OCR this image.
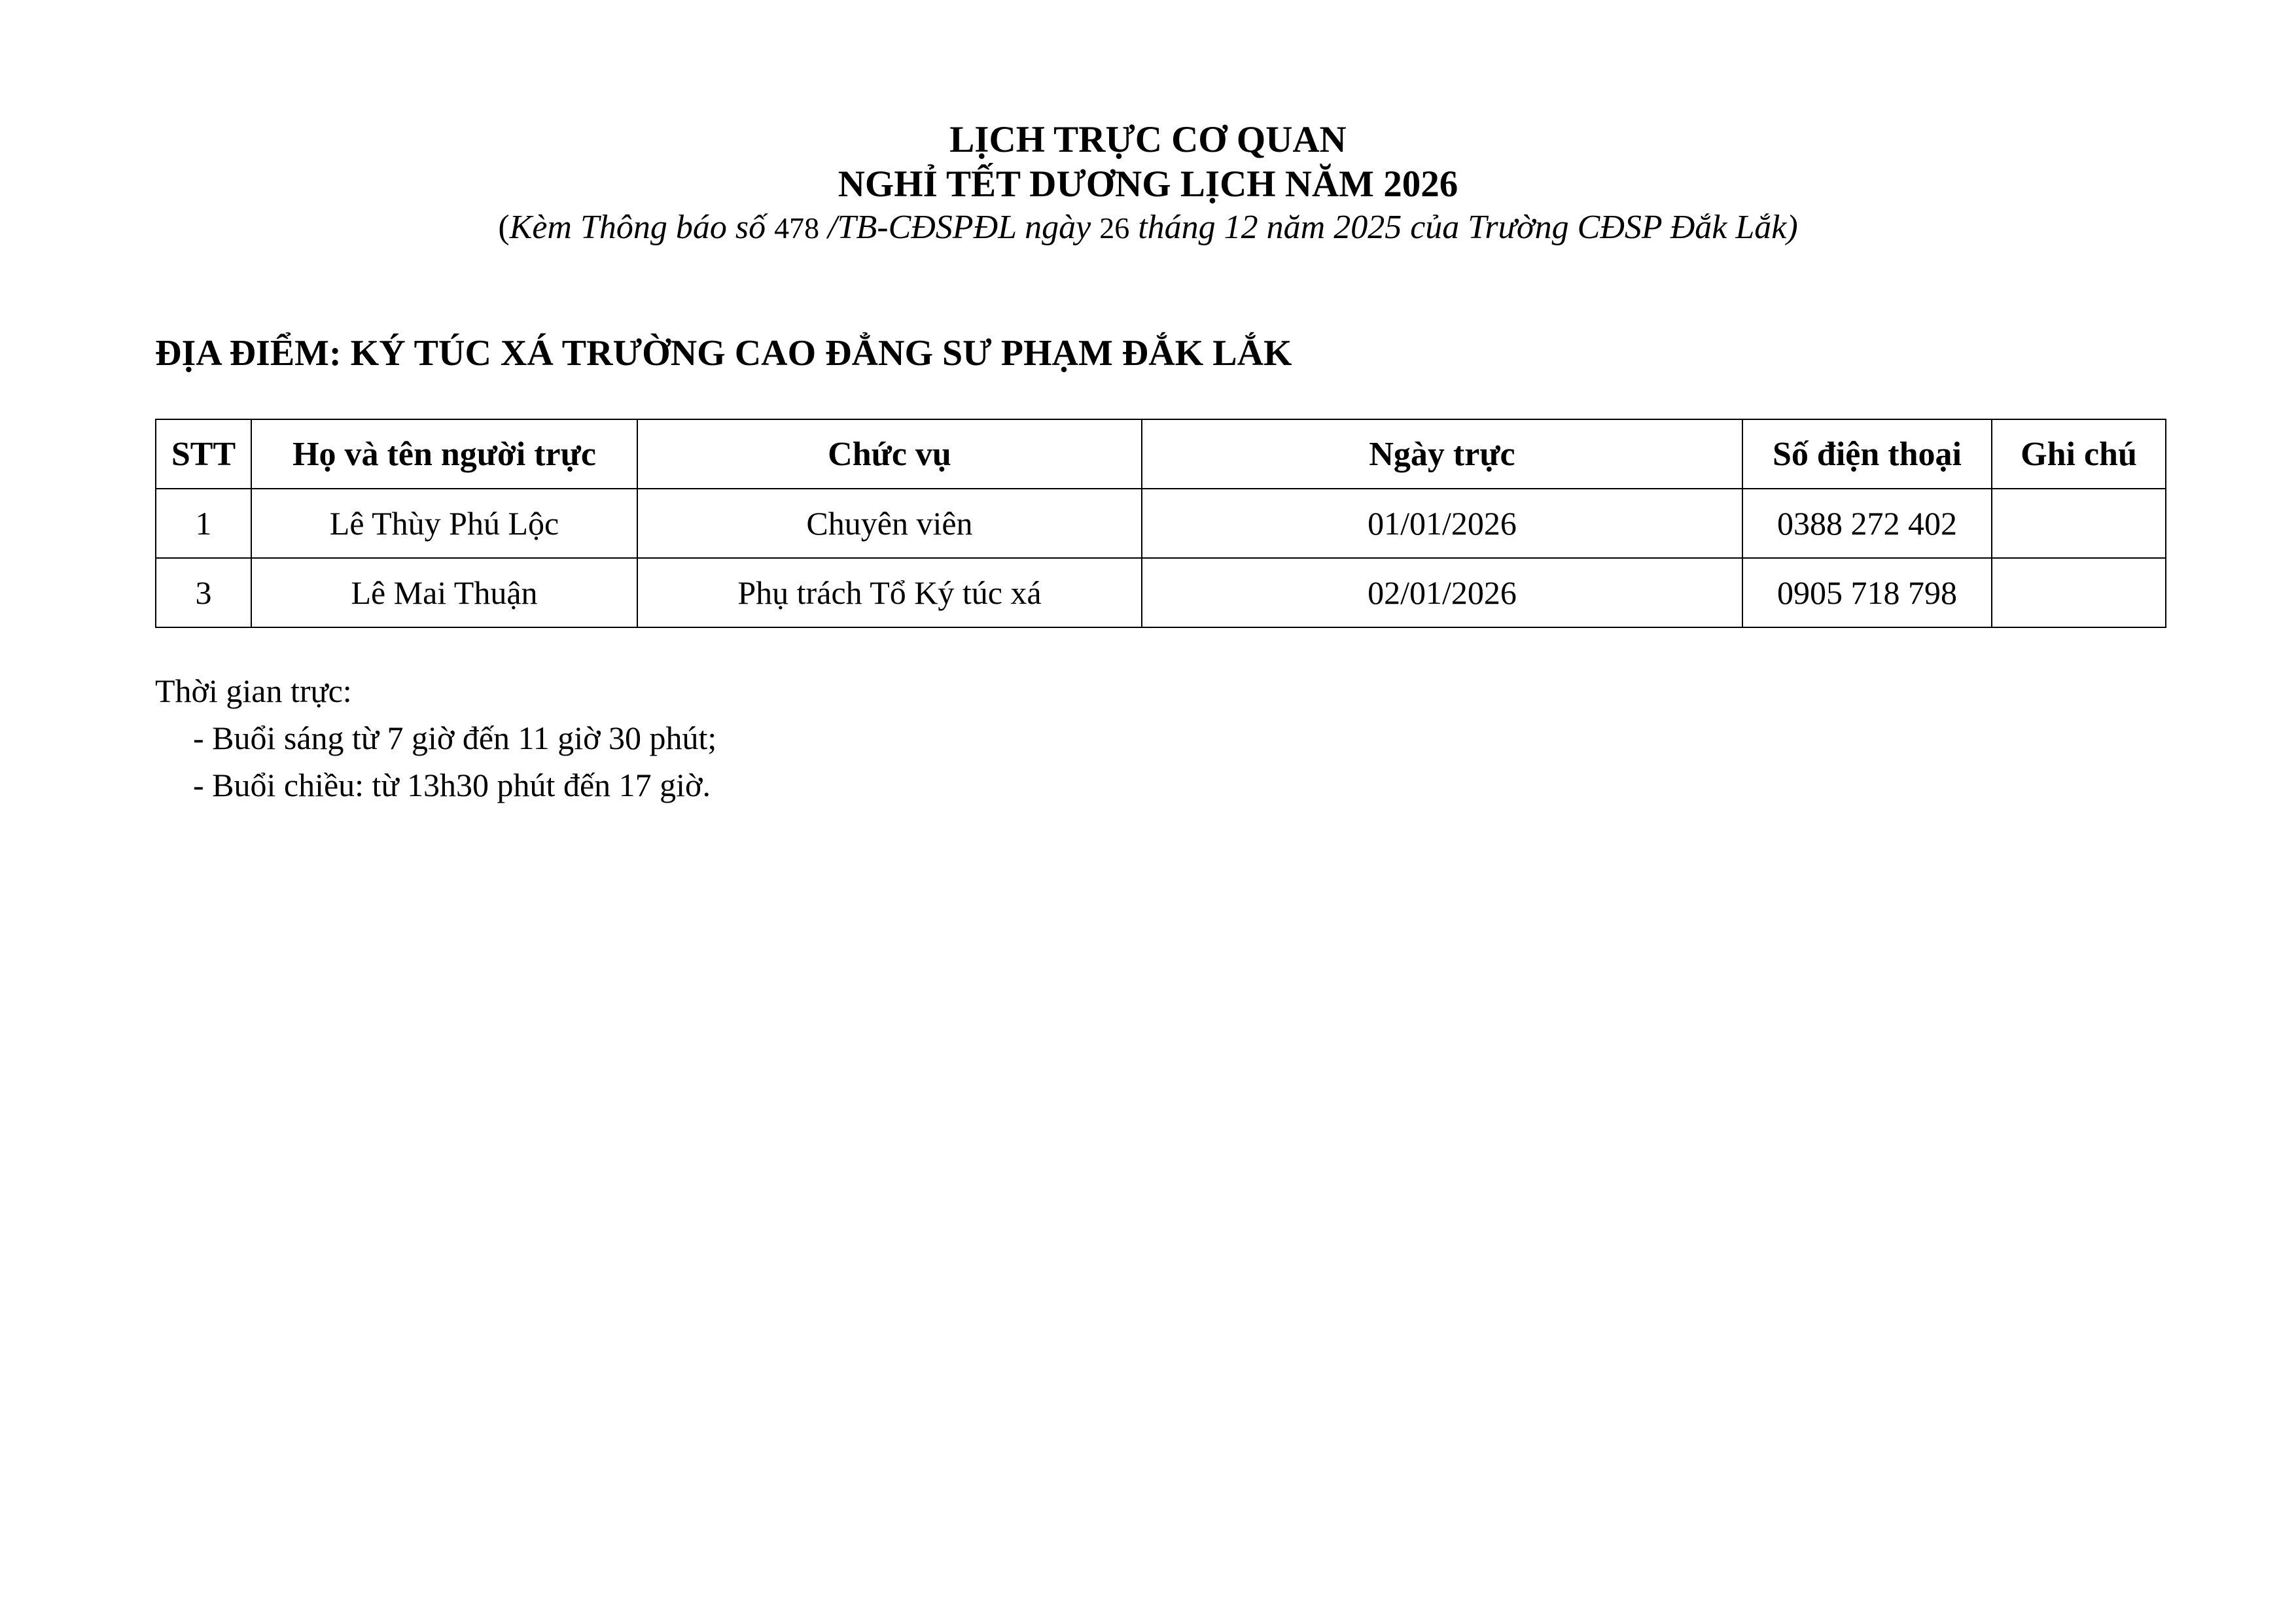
LỊCH TRỰC CƠ QUAN
NGHỈ TẾT DƯƠNG LỊCH NĂM 2026
(Kèm Thông báo số 478 /TB-CĐSPĐL ngày 26 tháng 12 năm 2025 của Trường CĐSP Đắk Lắk)
ĐỊA ĐIỂM: KÝ TÚC XÁ TRƯỜNG CAO ĐẲNG SƯ PHẠM ĐẮK LẮK
STT	Họ và tên người trực	Chức vụ	Ngày trực	Số điện thoại	Ghi chú
1	Lê Thùy Phú Lộc	Chuyên viên	01/01/2026	0388 272 402	
3	Lê Mai Thuận	Phụ trách Tổ Ký túc xá	02/01/2026	0905 718 798	
Thời gian trực:
- Buổi sáng từ 7 giờ đến 11 giờ 30 phút;
- Buổi chiều: từ 13h30 phút đến 17 giờ.
